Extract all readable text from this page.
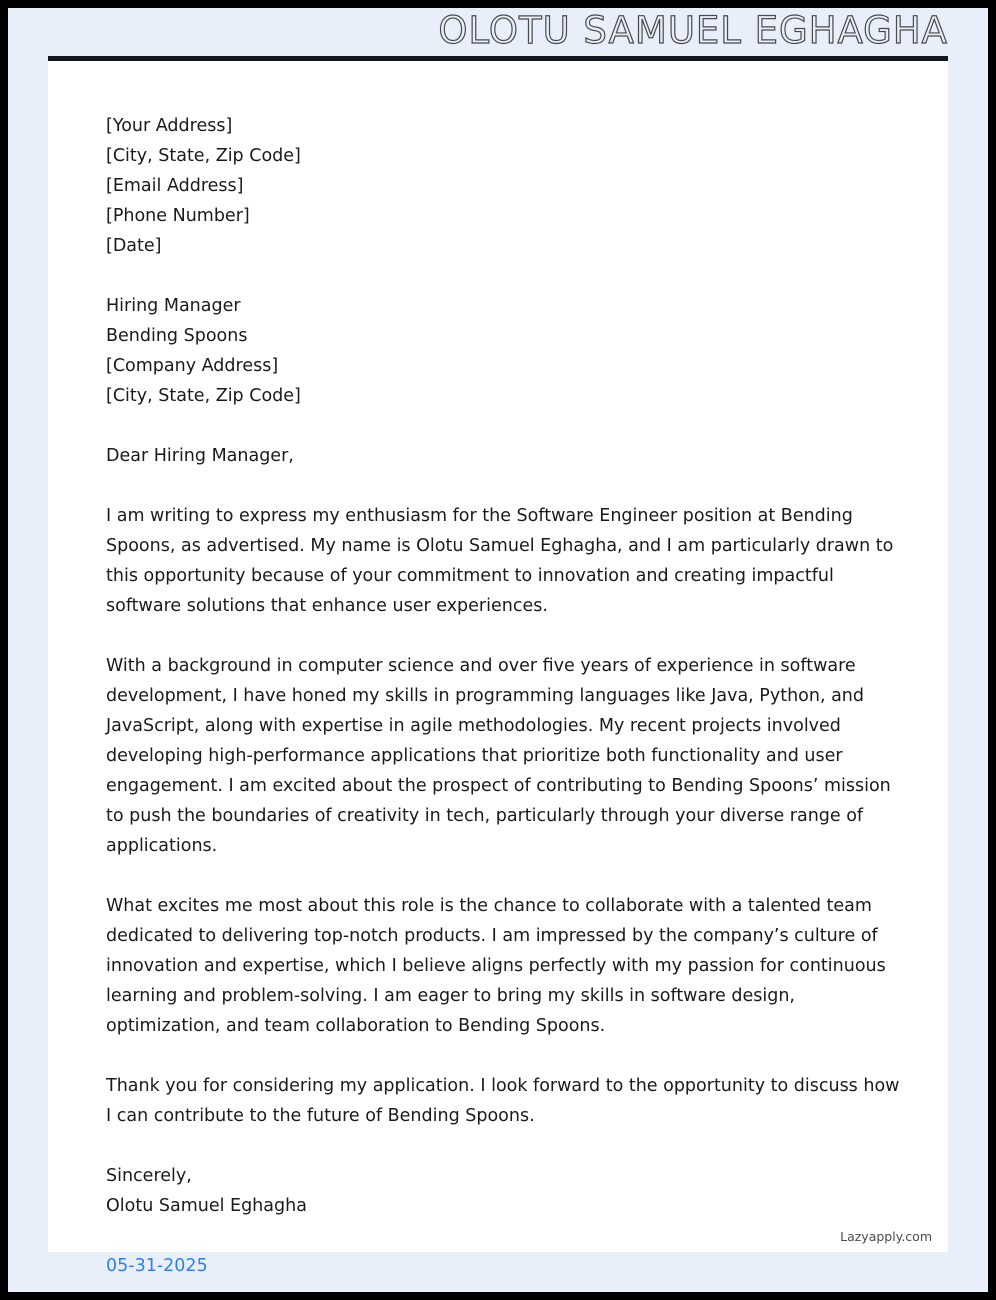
OLOTU SAMUEL EGHAGHA
[Your Address]
[City, State, Zip Code]
[Email Address]
[Phone Number]
[Date]
Hiring Manager
Bending Spoons
[Company Address]
[City, State, Zip Code]
Dear Hiring Manager,
I am writing to express my enthusiasm for the Software Engineer position at Bending Spoons, as advertised. My name is Olotu Samuel Eghagha, and I am particularly drawn to this opportunity because of your commitment to innovation and creating impactful software solutions that enhance user experiences.
With a background in computer science and over five years of experience in software development, I have honed my skills in programming languages like Java, Python, and JavaScript, along with expertise in agile methodologies. My recent projects involved developing high-performance applications that prioritize both functionality and user engagement. I am excited about the prospect of contributing to Bending Spoons’ mission to push the boundaries of creativity in tech, particularly through your diverse range of applications.
What excites me most about this role is the chance to collaborate with a talented team dedicated to delivering top-notch products. I am impressed by the company’s culture of innovation and expertise, which I believe aligns perfectly with my passion for continuous learning and problem-solving. I am eager to bring my skills in software design, optimization, and team collaboration to Bending Spoons.
Thank you for considering my application. I look forward to the opportunity to discuss how I can contribute to the future of Bending Spoons.
Sincerely,
Olotu Samuel Eghagha
05-31-2025
Lazyapply.com
